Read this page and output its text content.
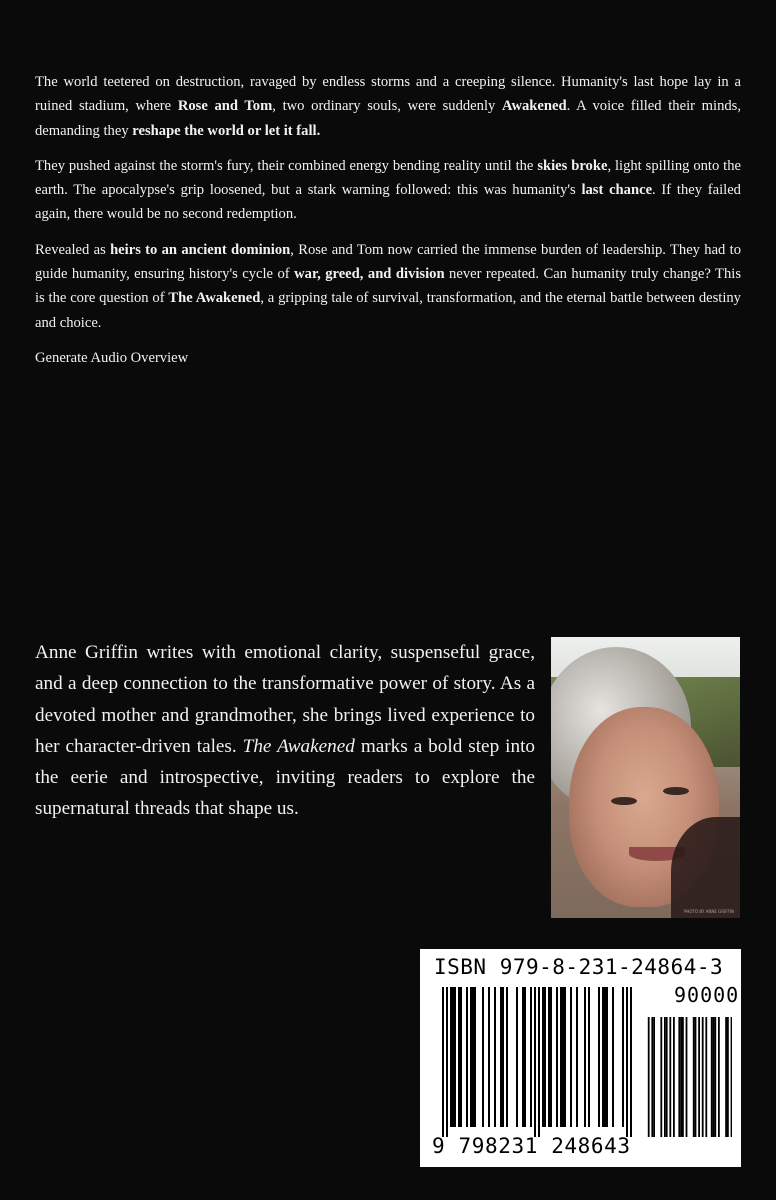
The world teetered on destruction, ravaged by endless storms and a creeping silence. Humanity's last hope lay in a ruined stadium, where Rose and Tom, two ordinary souls, were suddenly Awakened. A voice filled their minds, demanding they reshape the world or let it fall.

They pushed against the storm's fury, their combined energy bending reality until the skies broke, light spilling onto the earth. The apocalypse's grip loosened, but a stark warning followed: this was humanity's last chance. If they failed again, there would be no second redemption.

Revealed as heirs to an ancient dominion, Rose and Tom now carried the immense burden of leadership. They had to guide humanity, ensuring history's cycle of war, greed, and division never repeated. Can humanity truly change? This is the core question of The Awakened, a gripping tale of survival, transformation, and the eternal battle between destiny and choice.

Generate Audio Overview

Anne Griffin writes with emotional clarity, suspenseful grace, and a deep connection to the transformative power of story. As a devoted mother and grandmother, she brings lived experience to her character-driven tales. The Awakened marks a bold step into the eerie and introspective, inviting readers to explore the supernatural threads that shape us.

PHOTO BY ANNE GRIFFIN
ISBN 979-8-231-24864-3
90000
9 798231 248643
